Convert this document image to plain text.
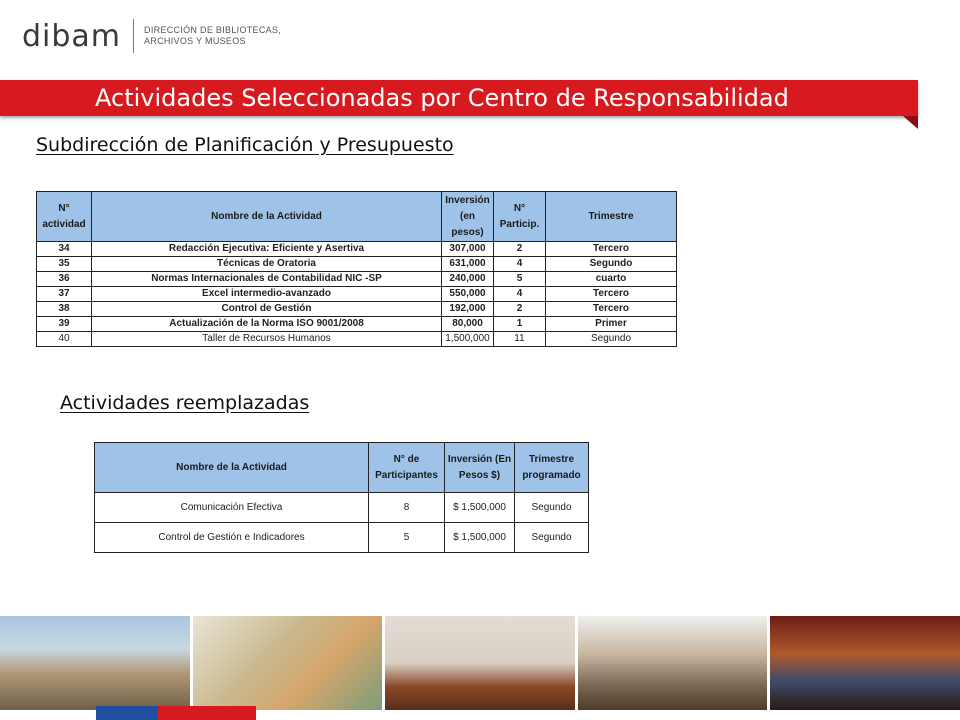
dibam	DIRECCIÓN DE BIBLIOTECAS,
ARCHIVOS Y MUSEOS
Actividades Seleccionadas por Centro de Responsabilidad
Subdirección de Planificación y Presupuesto
N° actividad	Nombre de la Actividad	Inversión (en pesos)	N° Particip.	Trimestre
34	Redacción Ejecutiva: Eficiente y Asertiva	307,000	2	Tercero
35	Técnicas de Oratoria	631,000	4	Segundo
36	Normas Internacionales de Contabilidad NIC -SP	240,000	5	cuarto
37	Excel intermedio-avanzado	550,000	4	Tercero
38	Control de Gestión	192,000	2	Tercero
39	Actualización de la Norma ISO 9001/2008	80,000	1	Primer
40	Taller de Recursos Humanos	1,500,000	11	Segundo
Actividades reemplazadas
Nombre de la Actividad	N° de Participantes	Inversión (En Pesos $)	Trimestre programado
Comunicación Efectiva	8	$ 1,500,000	Segundo
Control de Gestión e Indicadores	5	$ 1,500,000	Segundo
